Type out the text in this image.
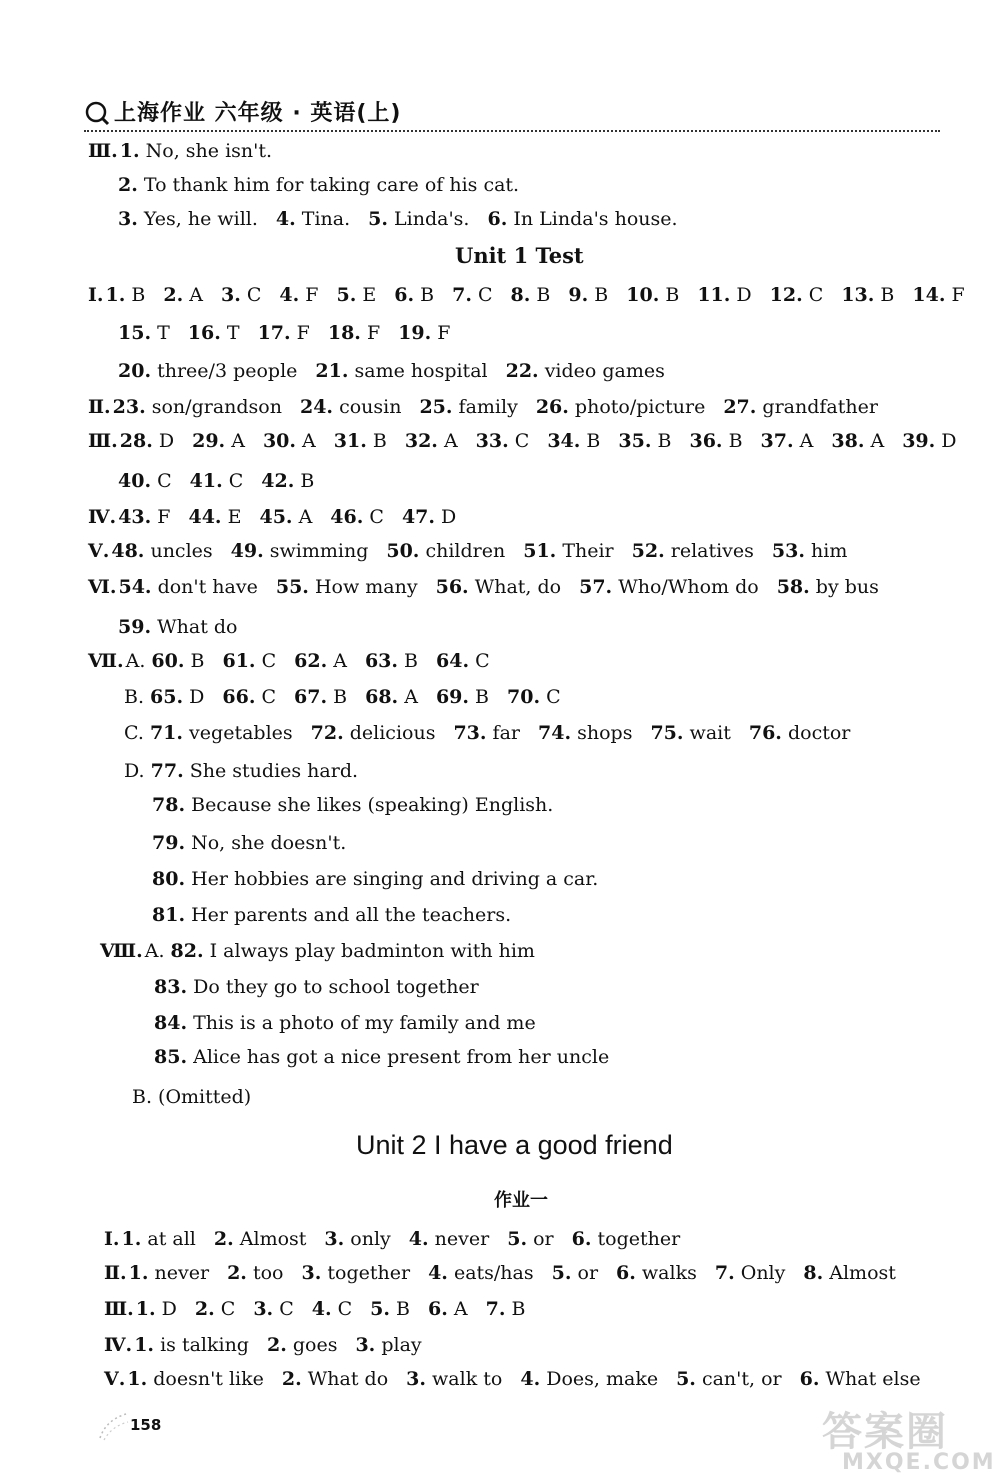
上海作业 六年级 · 英语(上)
Ⅲ. 1. No, she isn't.
2. To thank him for taking care of his cat.
3. Yes, he will. 4. Tina. 5. Linda's. 6. In Linda's house.
Unit 1 Test
Ⅰ. 1. B 2. A 3. C 4. F 5. E 6. B 7. C 8. B 9. B 10. B 11. D 12. C 13. B 14. F
15. T 16. T 17. F 18. F 19. F
20. three/3 people 21. same hospital 22. video games
Ⅱ. 23. son/grandson 24. cousin 25. family 26. photo/picture 27. grandfather
Ⅲ. 28. D 29. A 30. A 31. B 32. A 33. C 34. B 35. B 36. B 37. A 38. A 39. D
40. C 41. C 42. B
Ⅳ. 43. F 44. E 45. A 46. C 47. D
Ⅴ. 48. uncles 49. swimming 50. children 51. Their 52. relatives 53. him
Ⅵ. 54. don't have 55. How many 56. What, do 57. Who/Whom do 58. by bus
59. What do
Ⅶ. A. 60. B 61. C 62. A 63. B 64. C
B. 65. D 66. C 67. B 68. A 69. B 70. C
C. 71. vegetables 72. delicious 73. far 74. shops 75. wait 76. doctor
D. 77. She studies hard.
78. Because she likes (speaking) English.
79. No, she doesn't.
80. Her hobbies are singing and driving a car.
81. Her parents and all the teachers.
Ⅷ. A. 82. I always play badminton with him
83. Do they go to school together
84. This is a photo of my family and me
85. Alice has got a nice present from her uncle
B. (Omitted)
Unit 2 I have a good friend
作业一
Ⅰ. 1. at all 2. Almost 3. only 4. never 5. or 6. together
Ⅱ. 1. never 2. too 3. together 4. eats/has 5. or 6. walks 7. Only 8. Almost
Ⅲ. 1. D 2. C 3. C 4. C 5. B 6. A 7. B
Ⅳ. 1. is talking 2. goes 3. play
Ⅴ. 1. doesn't like 2. What do 3. walk to 4. Does, make 5. can't, or 6. What else
158	答案圈
MXQE.COM
